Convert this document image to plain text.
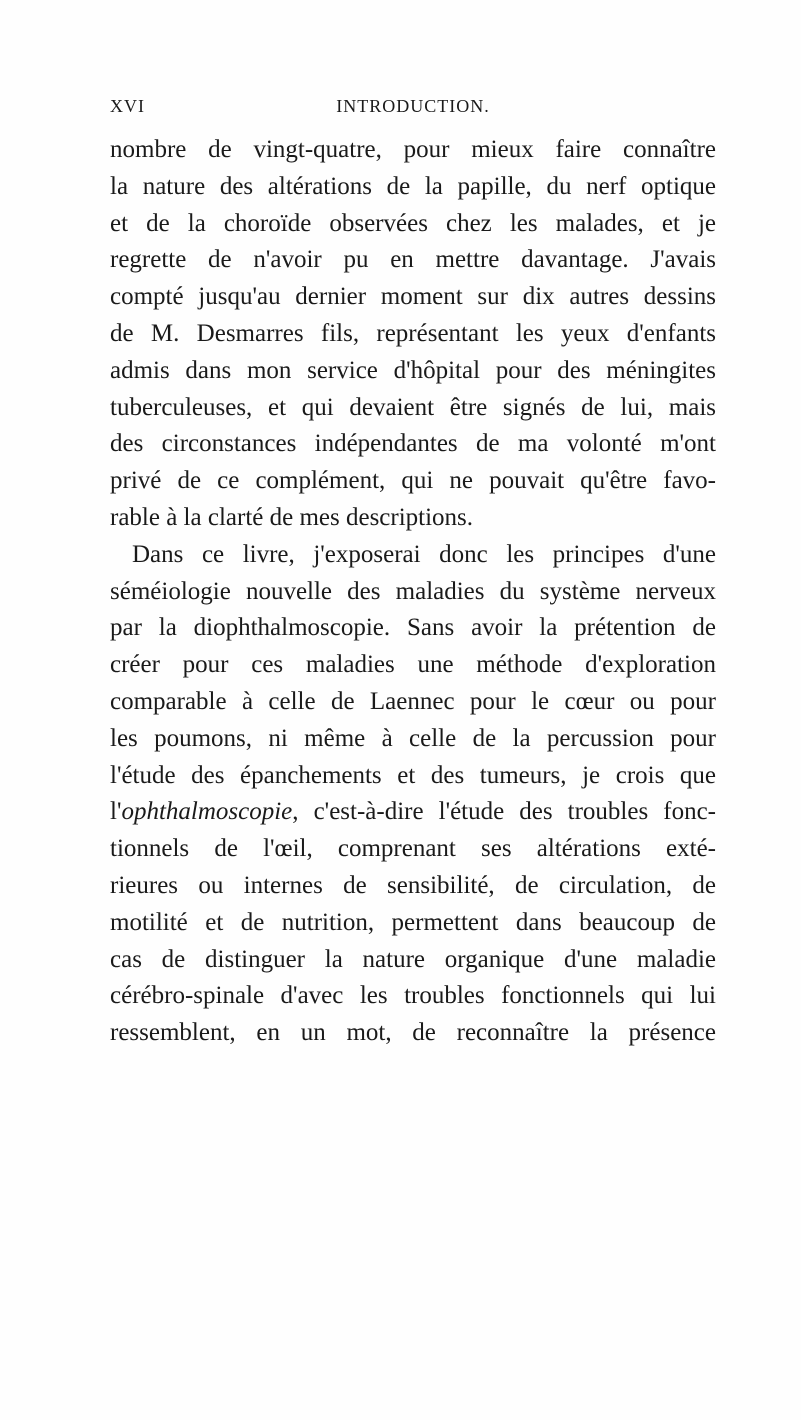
XVI	INTRODUCTION.
nombre de vingt-quatre, pour mieux faire connaître
la nature des altérations de la papille, du nerf optique
et de la choroïde observées chez les malades, et je
regrette de n'avoir pu en mettre davantage. J'avais
compté jusqu'au dernier moment sur dix autres dessins
de M. Desmarres fils, représentant les yeux d'enfants
admis dans mon service d'hôpital pour des méningites
tuberculeuses, et qui devaient être signés de lui, mais
des circonstances indépendantes de ma volonté m'ont
privé de ce complément, qui ne pouvait qu'être favo-
rable à la clarté de mes descriptions.
Dans ce livre, j'exposerai donc les principes d'une
séméiologie nouvelle des maladies du système nerveux
par la diophthalmoscopie. Sans avoir la prétention de
créer pour ces maladies une méthode d'exploration
comparable à celle de Laennec pour le cœur ou pour
les poumons, ni même à celle de la percussion pour
l'étude des épanchements et des tumeurs, je crois que
l'ophthalmoscopie, c'est-à-dire l'étude des troubles fonc-
tionnels de l'œil, comprenant ses altérations exté-
rieures ou internes de sensibilité, de circulation, de
motilité et de nutrition, permettent dans beaucoup de
cas de distinguer la nature organique d'une maladie
cérébro-spinale d'avec les troubles fonctionnels qui lui
ressemblent, en un mot, de reconnaître la présence
